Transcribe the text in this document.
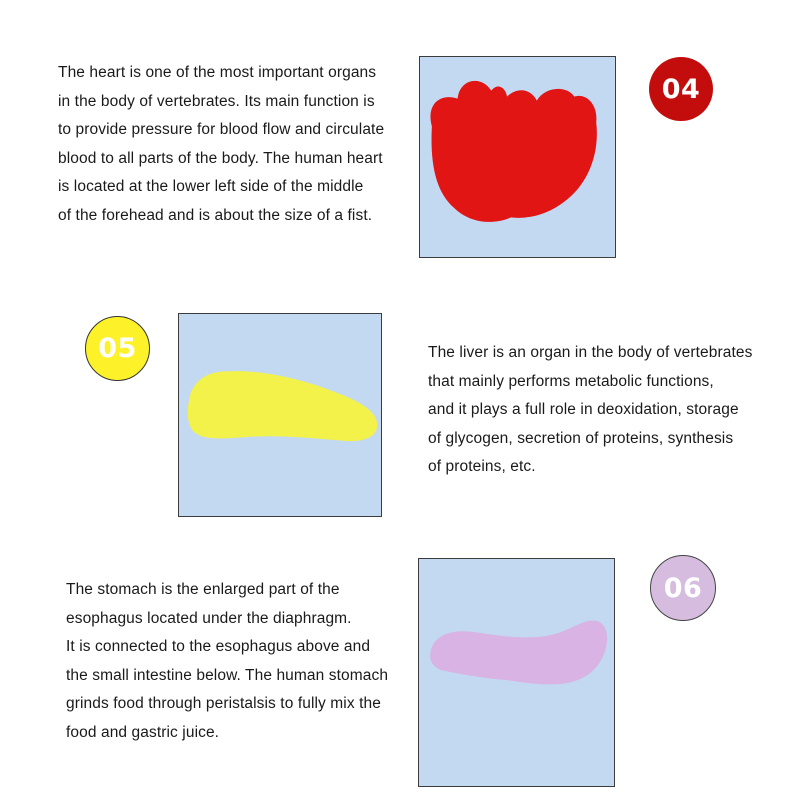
The heart is one of the most important organs
in the body of vertebrates. Its main function is
to provide pressure for blood flow and circulate
blood to all parts of the body. The human heart
is located at the lower left side of the middle
of the forehead and is about the size of a fist.
04
05	The liver is an organ in the body of vertebrates
that mainly performs metabolic functions,
and it plays a full role in deoxidation, storage
of glycogen, secretion of proteins, synthesis
of proteins, etc.
The stomach is the enlarged part of the
esophagus located under the diaphragm.
It is connected to the esophagus above and
the small intestine below. The human stomach
grinds food through peristalsis to fully mix the
food and gastric juice.
06
